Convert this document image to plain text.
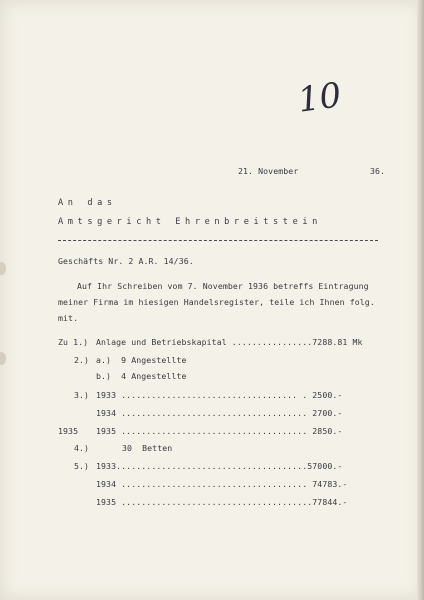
10
21. November	36.
An das
Amtsgericht Ehrenbreitstein
Geschäfts Nr. 2 A.R. 14/36.
Auf Ihr Schreiben vom 7. November 1936 betreffs Eintragung
meiner Firma im hiesigen Handelsregister, teile ich Ihnen folg.
mit.
Zu 1.) Anlage und Betriebskapital ................7288.81 Mk
2.) a.)  9 Angestellte
b.)  4 Angestellte
3.) 1933 ................................... . 2500.-
1934 ..................................... 2700.-
1935 1935 ..................................... 2850.-
4.)	30  Betten
5.) 1933......................................57000.-
1934 ..................................... 74783.-
1935 ......................................77844.-
